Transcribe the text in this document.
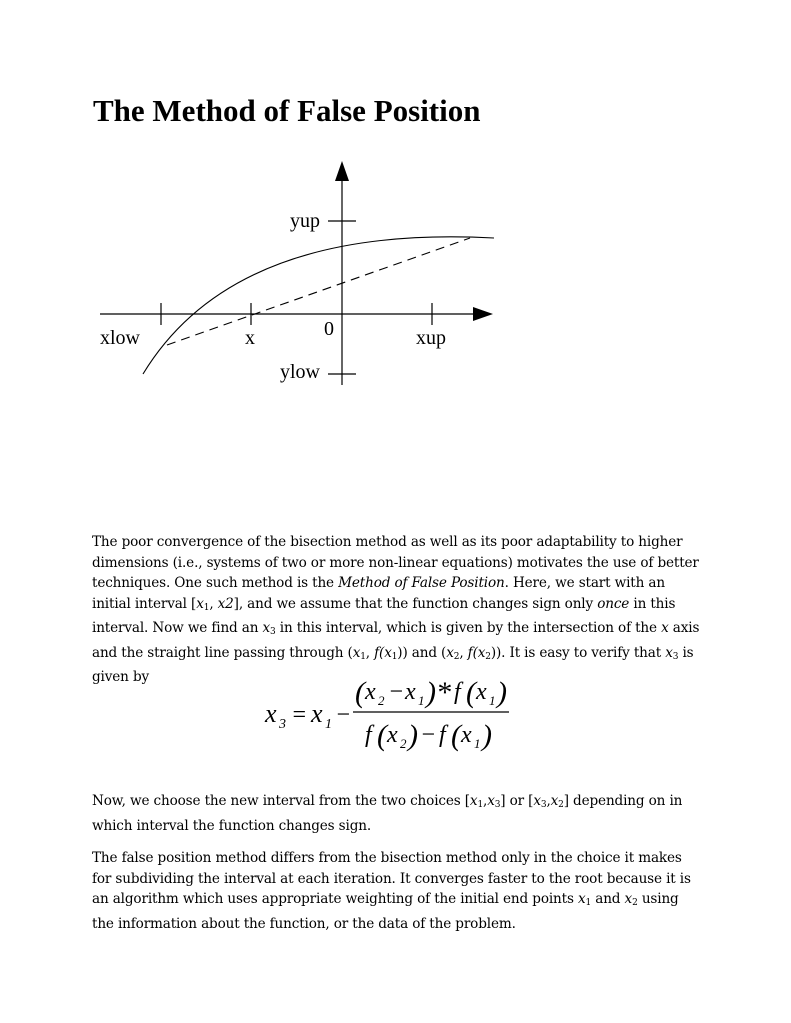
The Method of False Position
yup
ylow
xlow	x	xup
0

The poor convergence of the bisection method as well as its poor adaptability to higher dimensions (i.e., systems of two or more non-linear equations) motivates the use of better techniques. One such method is the Method of False Position. Here, we start with an initial interval [$x_1$, x2], and we assume that the function changes sign only once in this interval. Now we find an $x_3$ in this interval, which is given by the intersection of the x axis and the straight line passing through ($x_1$, $f(x_1)$) and ($x_2$, $f(x_2)$). It is easy to verify that $x_3$ is given by

x 3 = x 1 −
( x 2 − x 1 )* f ( x 1 )
f ( x 2 ) − f ( x 1 )

Now, we choose the new interval from the two choices $[x_1,x_3]$ or $[x_3,x_2]$ depending on in which interval the function changes sign.

The false position method differs from the bisection method only in the choice it makes for subdividing the interval at each iteration. It converges faster to the root because it is an algorithm which uses appropriate weighting of the initial end points $x_1$ and $x_2$ using the information about the function, or the data of the problem.
